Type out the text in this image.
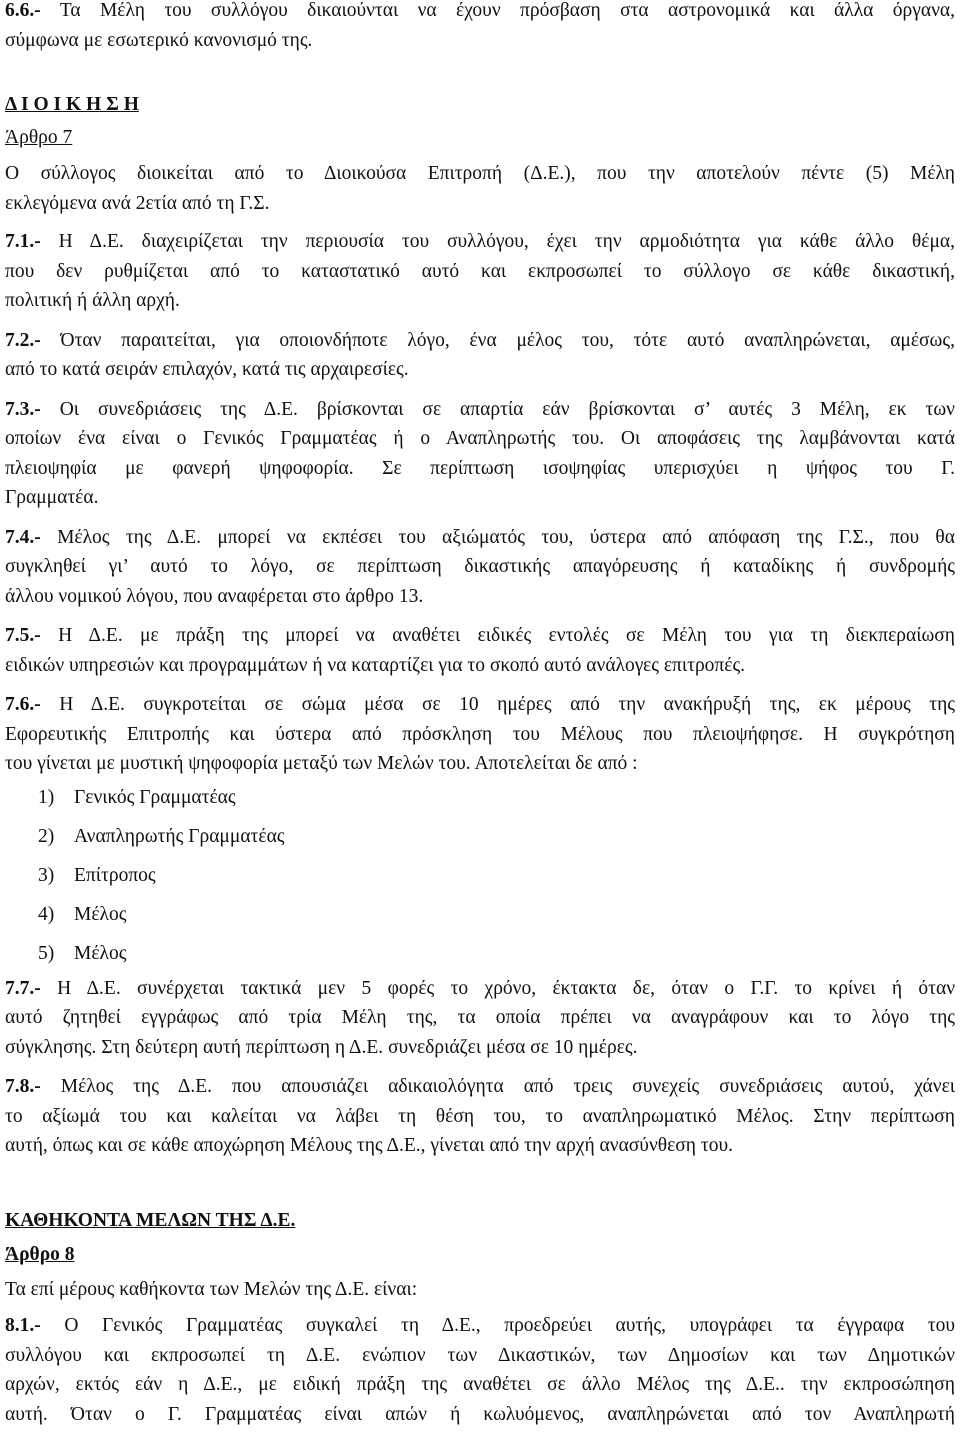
6.6.- Τα Μέλη του συλλόγου δικαιούνται να έχουν πρόσβαση στα αστρονομικά και άλλα όργανα,
σύμφωνα με εσωτερικό κανονισμό της.
Δ Ι Ο Ι Κ Η Σ Η
Άρθρο 7
Ο σύλλογος διοικείται από το Διοικούσα Επιτροπή (Δ.Ε.), που την αποτελούν πέντε (5) Μέλη
εκλεγόμενα ανά 2ετία από τη Γ.Σ.
7.1.- Η Δ.Ε. διαχειρίζεται την περιουσία του συλλόγου, έχει την αρμοδιότητα για κάθε άλλο θέμα,
που δεν ρυθμίζεται από το καταστατικό αυτό και εκπροσωπεί το σύλλογο σε κάθε δικαστική,
πολιτική ή άλλη αρχή.
7.2.- Όταν παραιτείται, για οποιονδήποτε λόγο, ένα μέλος του, τότε αυτό αναπληρώνεται, αμέσως,
από το κατά σειράν επιλαχόν, κατά τις αρχαιρεσίες.
7.3.- Οι συνεδριάσεις της Δ.Ε. βρίσκονται σε απαρτία εάν βρίσκονται σ’ αυτές 3 Μέλη, εκ των
οποίων ένα είναι ο Γενικός Γραμματέας ή ο Αναπληρωτής του. Οι αποφάσεις της λαμβάνονται κατά
πλειοψηφία με φανερή ψηφοφορία. Σε περίπτωση ισοψηφίας υπερισχύει η ψήφος του Γ.
Γραμματέα.
7.4.- Μέλος της Δ.Ε. μπορεί να εκπέσει του αξιώματός του, ύστερα από απόφαση της Γ.Σ., που θα
συγκληθεί γι’ αυτό το λόγο, σε περίπτωση δικαστικής απαγόρευσης ή καταδίκης ή συνδρομής
άλλου νομικού λόγου, που αναφέρεται στο άρθρο 13.
7.5.- Η Δ.Ε. με πράξη της μπορεί να αναθέτει ειδικές εντολές σε Μέλη του για τη διεκπεραίωση
ειδικών υπηρεσιών και προγραμμάτων ή να καταρτίζει για το σκοπό αυτό ανάλογες επιτροπές.
7.6.- Η Δ.Ε. συγκροτείται σε σώμα μέσα σε 10 ημέρες από την ανακήρυξή της, εκ μέρους της
Εφορευτικής Επιτροπής και ύστερα από πρόσκληση του Μέλους που πλειοψήφησε. Η συγκρότηση
του γίνεται με μυστική ψηφοφορία μεταξύ των Μελών του. Αποτελείται δε από :
1) Γενικός Γραμματέας
2) Αναπληρωτής Γραμματέας
3) Επίτροπος
4) Μέλος
5) Μέλος
7.7.- Η Δ.Ε. συνέρχεται τακτικά μεν 5 φορές το χρόνο, έκτακτα δε, όταν ο Γ.Γ. το κρίνει ή όταν
αυτό ζητηθεί εγγράφως από τρία Μέλη της, τα οποία πρέπει να αναγράφουν και το λόγο της
σύγκλησης. Στη δεύτερη αυτή περίπτωση η Δ.Ε. συνεδριάζει μέσα σε 10 ημέρες.
7.8.- Μέλος της Δ.Ε. που απουσιάζει αδικαιολόγητα από τρεις συνεχείς συνεδριάσεις αυτού, χάνει
το αξίωμά του και καλείται να λάβει τη θέση του, το αναπληρωματικό Μέλος. Στην περίπτωση
αυτή, όπως και σε κάθε αποχώρηση Μέλους της Δ.Ε., γίνεται από την αρχή ανασύνθεση του.
ΚΑΘΗΚΟΝΤΑ ΜΕΛΩΝ ΤΗΣ Δ.Ε.
Άρθρο 8
Τα επί μέρους καθήκοντα των Μελών της Δ.Ε. είναι:
8.1.- Ο Γενικός Γραμματέας συγκαλεί τη Δ.Ε., προεδρεύει αυτής, υπογράφει τα έγγραφα του
συλλόγου και εκπροσωπεί τη Δ.Ε. ενώπιον των Δικαστικών, των Δημοσίων και των Δημοτικών
αρχών, εκτός εάν η Δ.Ε., με ειδική πράξη της αναθέτει σε άλλο Μέλος της Δ.Ε.. την εκπροσώπηση
αυτή. Όταν ο Γ. Γραμματέας είναι απών ή κωλυόμενος, αναπληρώνεται από τον Αναπληρωτή
